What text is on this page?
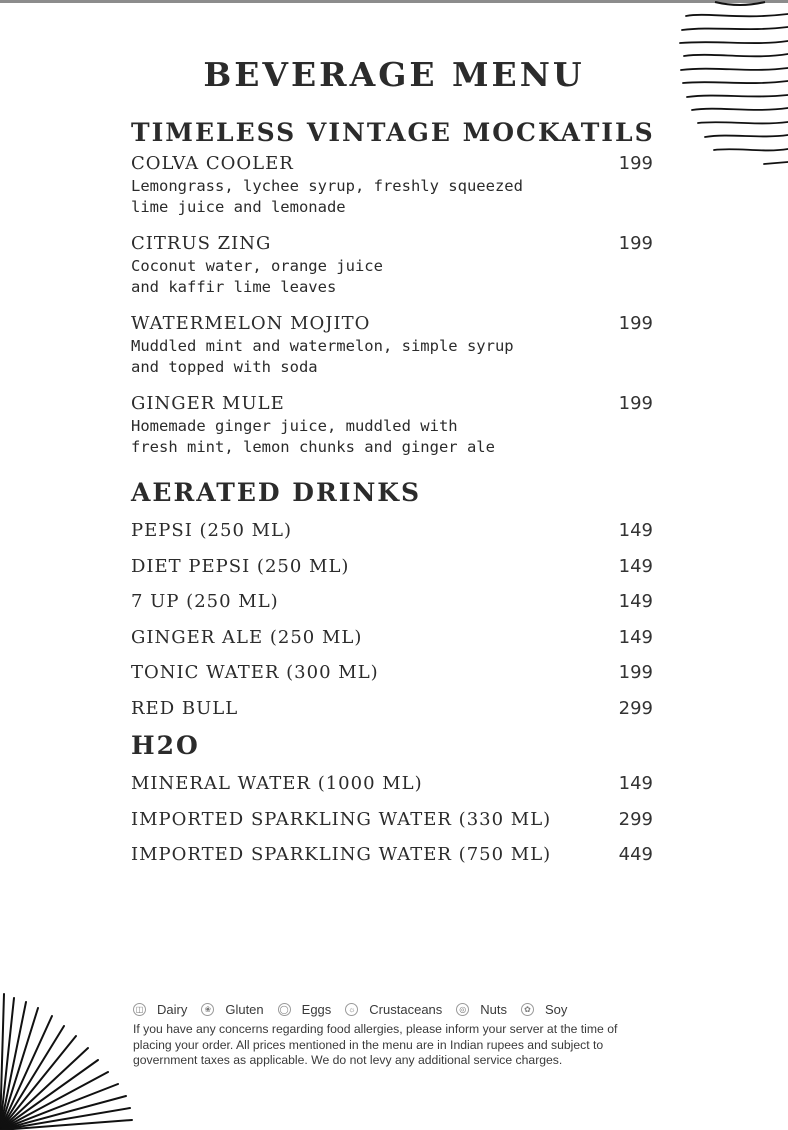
BEVERAGE MENU
TIMELESS VINTAGE MOCKATILS
COLVA COOLER	199
Lemongrass, lychee syrup, freshly squeezed
lime juice and lemonade
CITRUS ZING	199
Coconut water, orange juice
and kaffir lime leaves
WATERMELON MOJITO	199
Muddled mint and watermelon, simple syrup
and topped with soda
GINGER MULE	199
Homemade ginger juice, muddled with
fresh mint, lemon chunks and ginger ale
AERATED DRINKS
PEPSI (250 ML)	149
DIET PEPSI (250 ML)	149
7 UP (250 ML)	149
GINGER ALE (250 ML)	149
TONIC WATER (300 ML)	199
RED BULL	299
H2O
MINERAL WATER (1000 ML)	149
IMPORTED SPARKLING WATER (330 ML)	299
IMPORTED SPARKLING WATER (750 ML)	449
◫ Dairy	❀ Gluten ◯ Eggs	☼ Crustaceans	◎ Nuts	✿ Soy
If you have any concerns regarding food allergies, please inform your server at the time of placing your order. All prices mentioned in the menu are in Indian rupees and subject to government taxes as applicable. We do not levy any additional service charges.
